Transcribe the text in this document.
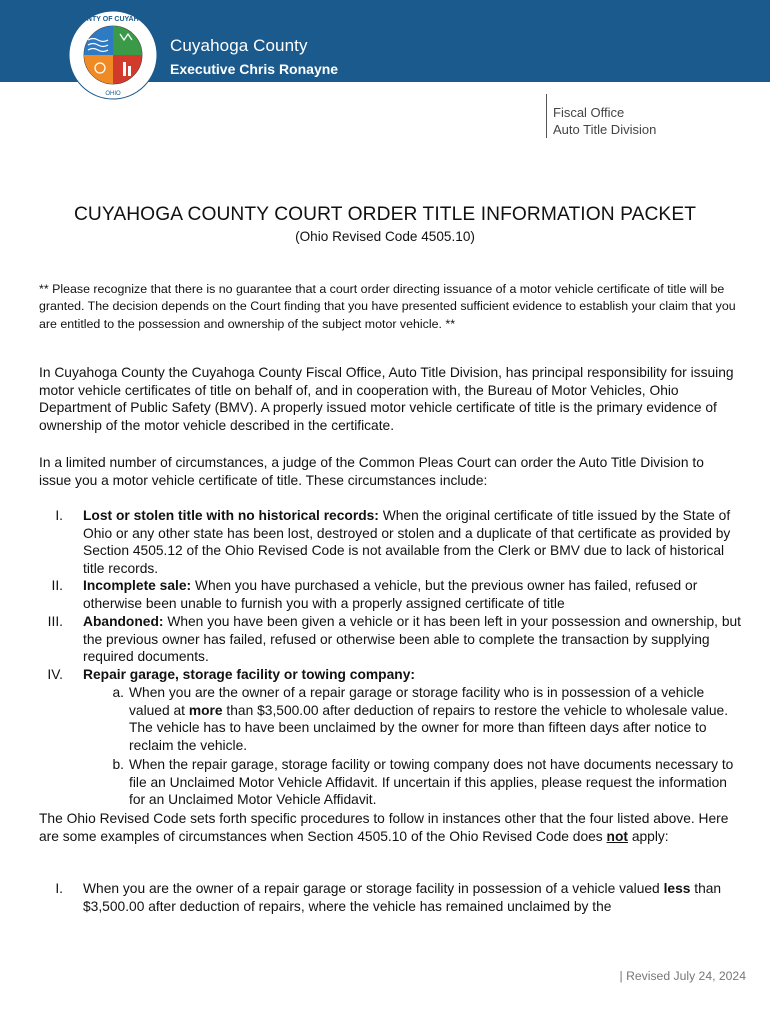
COUNTY OF CUYAHOGA
OHIO
Cuyahoga County
Executive Chris Ronayne
Fiscal Office
Auto Title Division
CUYAHOGA COUNTY COURT ORDER TITLE INFORMATION PACKET
(Ohio Revised Code 4505.10)
** Please recognize that there is no guarantee that a court order directing issuance of a motor vehicle certificate of title will be granted. The decision depends on the Court finding that you have presented sufficient evidence to establish your claim that you are entitled to the possession and ownership of the subject motor vehicle. **
In Cuyahoga County the Cuyahoga County Fiscal Office, Auto Title Division, has principal responsibility for issuing motor vehicle certificates of title on behalf of, and in cooperation with, the Bureau of Motor Vehicles, Ohio Department of Public Safety (BMV). A properly issued motor vehicle certificate of title is the primary evidence of ownership of the motor vehicle described in the certificate.
In a limited number of circumstances, a judge of the Common Pleas Court can order the Auto Title Division to issue you a motor vehicle certificate of title. These circumstances include:
I. Lost or stolen title with no historical records: When the original certificate of title issued by the State of Ohio or any other state has been lost, destroyed or stolen and a duplicate of that certificate as provided by Section 4505.12 of the Ohio Revised Code is not available from the Clerk or BMV due to lack of historical title records.
II. Incomplete sale: When you have purchased a vehicle, but the previous owner has failed, refused or otherwise been unable to furnish you with a properly assigned certificate of title
III. Abandoned: When you have been given a vehicle or it has been left in your possession and ownership, but the previous owner has failed, refused or otherwise been able to complete the transaction by supplying required documents.
IV. Repair garage, storage facility or towing company:
a. When you are the owner of a repair garage or storage facility who is in possession of a vehicle valued at more than $3,500.00 after deduction of repairs to restore the vehicle to wholesale value. The vehicle has to have been unclaimed by the owner for more than fifteen days after notice to reclaim the vehicle.
b. When the repair garage, storage facility or towing company does not have documents necessary to file an Unclaimed Motor Vehicle Affidavit. If uncertain if this applies, please request the information for an Unclaimed Motor Vehicle Affidavit.
The Ohio Revised Code sets forth specific procedures to follow in instances other that the four listed above. Here are some examples of circumstances when Section 4505.10 of the Ohio Revised Code does not apply:
I. When you are the owner of a repair garage or storage facility in possession of a vehicle valued less than $3,500.00 after deduction of repairs, where the vehicle has remained unclaimed by the
| Revised July 24, 2024
